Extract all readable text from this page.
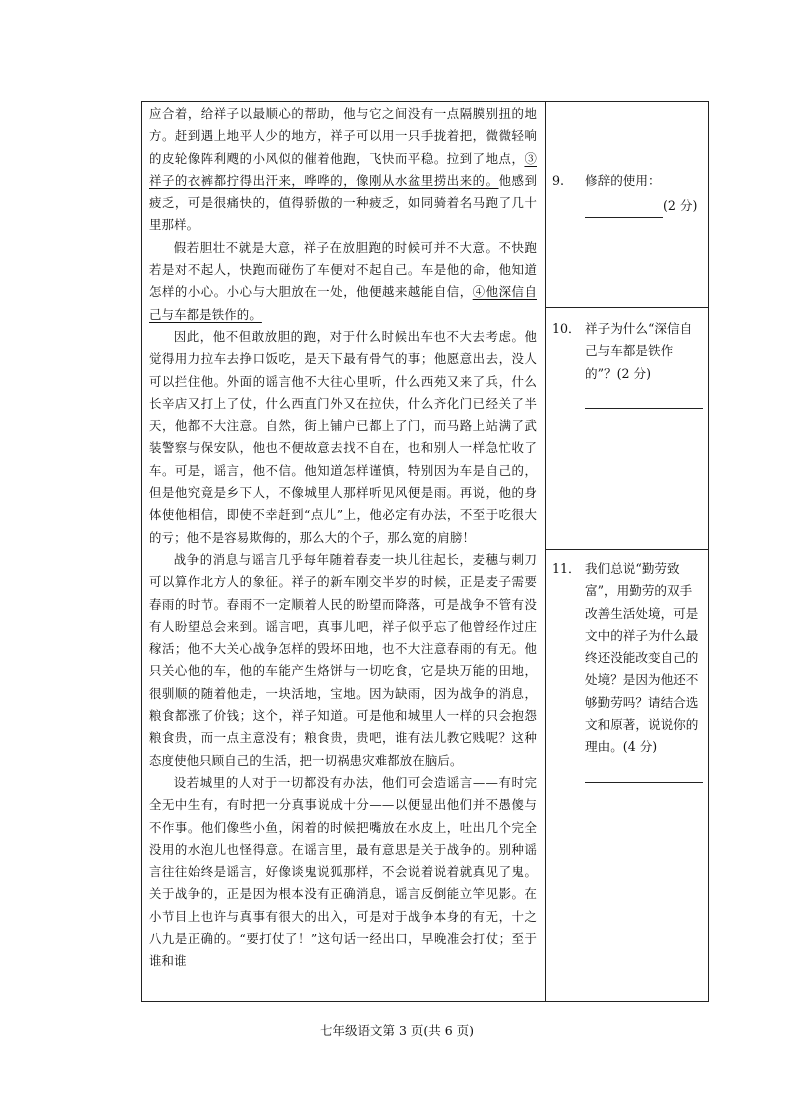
应合着，给祥子以最顺心的帮助，他与它之间没有一点隔膜别扭的地方。赶到遇上地平人少的地方，祥子可以用一只手拢着把，微微轻响的皮轮像阵利飕的小风似的催着他跑，飞快而平稳。拉到了地点，③祥子的衣裤都拧得出汗来，哗哗的，像刚从水盆里捞出来的。他感到疲乏，可是很痛快的，值得骄傲的一种疲乏，如同骑着名马跑了几十里那样。

假若胆壮不就是大意，祥子在放胆跑的时候可并不大意。不快跑若是对不起人，快跑而碰伤了车便对不起自己。车是他的命，他知道怎样的小心。小心与大胆放在一处，他便越来越能自信，④他深信自己与车都是铁作的。

因此，他不但敢放胆的跑，对于什么时候出车也不大去考虑。他觉得用力拉车去挣口饭吃，是天下最有骨气的事；他愿意出去，没人可以拦住他。外面的谣言他不大往心里听，什么西苑又来了兵，什么长辛店又打上了仗，什么西直门外又在拉伕，什么齐化门已经关了半天，他都不大注意。自然，街上铺户已都上了门，而马路上站满了武装警察与保安队，他也不便故意去找不自在，也和别人一样急忙收了车。可是，谣言，他不信。他知道怎样谨慎，特别因为车是自己的，但是他究竟是乡下人，不像城里人那样听见风便是雨。再说，他的身体使他相信，即使不幸赶到“点儿”上，他必定有办法，不至于吃很大的亏；他不是容易欺侮的，那么大的个子，那么宽的肩膀！

战争的消息与谣言几乎每年随着春麦一块儿往起长，麦穗与刺刀可以算作北方人的象征。祥子的新车刚交半岁的时候，正是麦子需要春雨的时节。春雨不一定顺着人民的盼望而降落，可是战争不管有没有人盼望总会来到。谣言吧，真事儿吧，祥子似乎忘了他曾经作过庄稼活；他不大关心战争怎样的毁坏田地，也不大注意春雨的有无。他只关心他的车，他的车能产生烙饼与一切吃食，它是块万能的田地，很驯顺的随着他走，一块活地，宝地。因为缺雨，因为战争的消息，粮食都涨了价钱；这个，祥子知道。可是他和城里人一样的只会抱怨粮食贵，而一点主意没有；粮食贵，贵吧，谁有法儿教它贱呢？这种态度使他只顾自己的生活，把一切祸患灾难都放在脑后。

设若城里的人对于一切都没有办法，他们可会造谣言——有时完全无中生有，有时把一分真事说成十分——以便显出他们并不愚傻与不作事。他们像些小鱼，闲着的时候把嘴放在水皮上，吐出几个完全没用的水泡儿也怪得意。在谣言里，最有意思是关于战争的。别种谣言往往始终是谣言，好像谈鬼说狐那样，不会说着说着就真见了鬼。关于战争的，正是因为根本没有正确消息，谣言反倒能立竿见影。在小节目上也许与真事有很大的出入，可是对于战争本身的有无，十之八九是正确的。“要打仗了！”这句话一经出口，早晚准会打仗；至于谁和谁

9. 修辞的使用：
(2 分)
10． 祥子为什么“深信自己与车都是铁作的”？(2 分)
11． 我们总说“勤劳致富”，用勤劳的双手改善生活处境，可是文中的祥子为什么最终还没能改变自己的处境？是因为他还不够勤劳吗？请结合选文和原著，说说你的理由。(4 分)
七年级语文第 3 页(共 6 页)
